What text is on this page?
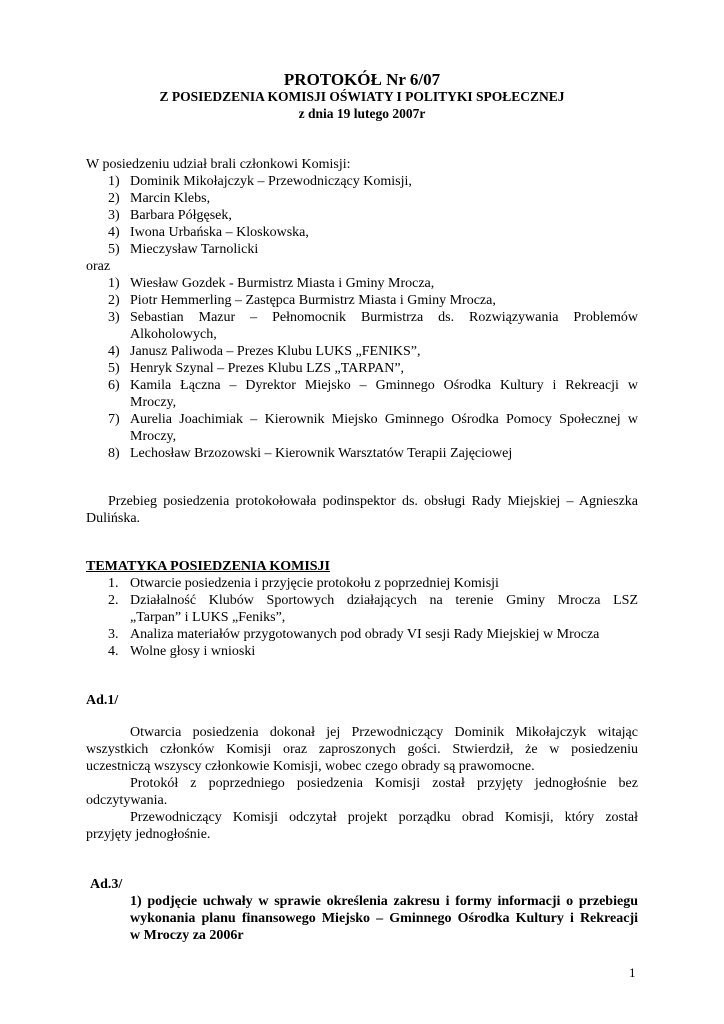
PROTOKÓŁ Nr 6/07
Z POSIEDZENIA KOMISJI OŚWIATY I POLITYKI SPOŁECZNEJ
z dnia 19 lutego 2007r
W posiedzeniu udział brali członkowi Komisji:
1) Dominik Mikołajczyk – Przewodniczący Komisji,
2) Marcin Klebs,
3) Barbara Półgęsek,
4) Iwona Urbańska – Kloskowska,
5) Mieczysław Tarnolicki
oraz
1) Wiesław Gozdek - Burmistrz Miasta i Gminy Mrocza,
2) Piotr Hemmerling – Zastępca Burmistrz Miasta i Gminy Mrocza,
3) Sebastian Mazur – Pełnomocnik Burmistrza ds. Rozwiązywania Problemów
Alkoholowych,
4) Janusz Paliwoda – Prezes Klubu LUKS „FENIKS”,
5) Henryk Szynal – Prezes Klubu LZS „TARPAN”,
6) Kamila Łączna – Dyrektor Miejsko – Gminnego Ośrodka Kultury i Rekreacji w
Mroczy,
7) Aurelia Joachimiak – Kierownik Miejsko Gminnego Ośrodka Pomocy Społecznej w
Mroczy,
8) Lechosław Brzozowski – Kierownik Warsztatów Terapii Zajęciowej
Przebieg posiedzenia protokołowała podinspektor ds. obsługi Rady Miejskiej – Agnieszka
Dulińska.
TEMATYKA POSIEDZENIA KOMISJI
1. Otwarcie posiedzenia i przyjęcie protokołu z poprzedniej Komisji
2. Działalność Klubów Sportowych działających na terenie Gminy Mrocza LSZ
„Tarpan” i LUKS „Feniks”,
3. Analiza materiałów przygotowanych pod obrady VI sesji Rady Miejskiej w Mrocza
4. Wolne głosy i wnioski
Ad.1/
Otwarcia posiedzenia dokonał jej Przewodniczący Dominik Mikołajczyk witając
wszystkich członków Komisji oraz zaproszonych gości. Stwierdził, że w posiedzeniu
uczestniczą wszyscy członkowie Komisji, wobec czego obrady są prawomocne.
Protokół z poprzedniego posiedzenia Komisji został przyjęty jednogłośnie bez
odczytywania.
Przewodniczący Komisji odczytał projekt porządku obrad Komisji, który został
przyjęty jednogłośnie.
Ad.3/
1) podjęcie uchwały w sprawie określenia zakresu i formy informacji o przebiegu
wykonania planu finansowego Miejsko – Gminnego Ośrodka Kultury i Rekreacji
w Mroczy za 2006r
1
